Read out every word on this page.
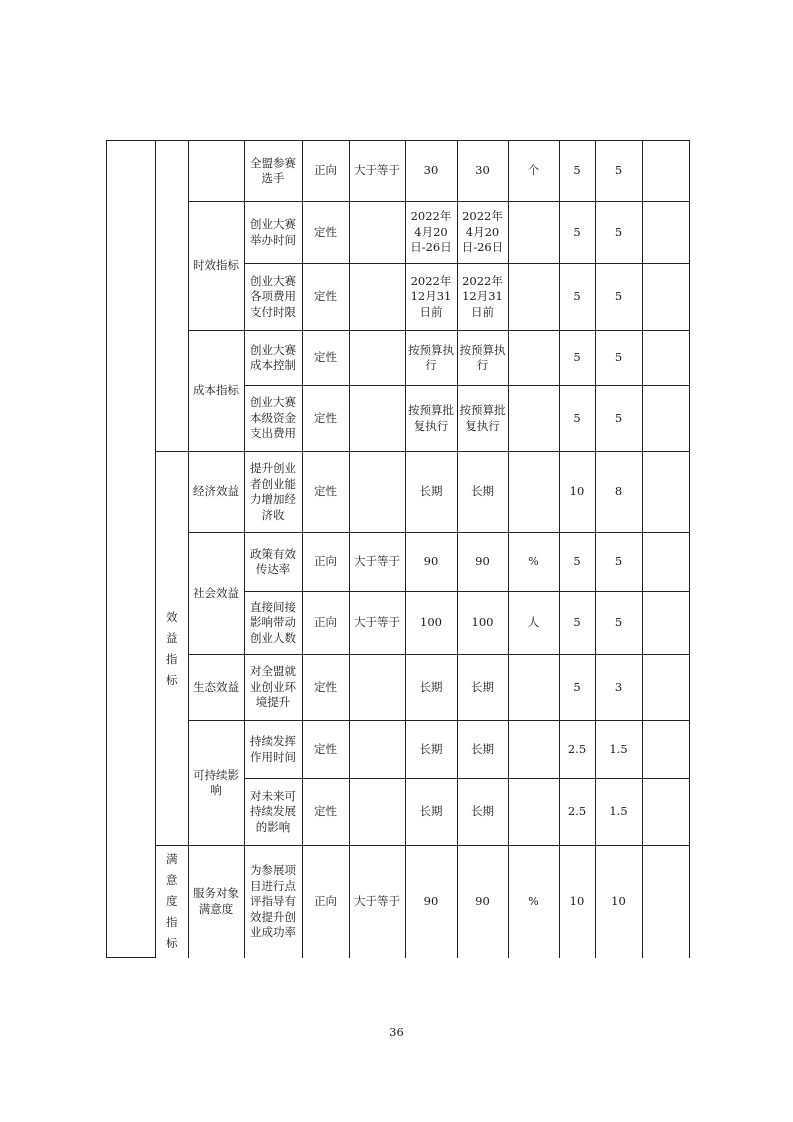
			全盟参赛选手	正向	大于等于	30	30	个	5	5	
		时效指标	创业大赛举办时间	定性		2022年4月20日-26日	2022年4月20日-26日		5	5	
			创业大赛各项费用支付时限	定性		2022年12月31日前	2022年12月31日前		5	5	
		成本指标	创业大赛成本控制	定性		按预算执行	按预算执行		5	5	
			创业大赛本级资金支出费用	定性		按预算批复执行	按预算批复执行		5	5	
	效益指标	经济效益	提升创业者创业能力增加经济收	定性		长期	长期		10	8	
		社会效益	政策有效传达率	正向	大于等于	90	90	%	5	5	
			直接间接影响带动创业人数	正向	大于等于	100	100	人	5	5	
		生态效益	对全盟就业创业环境提升	定性		长期	长期		5	3	
		可持续影响	持续发挥作用时间	定性		长期	长期		2.5	1.5	
			对未来可持续发展的影响	定性		长期	长期		2.5	1.5	
	满意度指标	服务对象满意度	为参展项目进行点评指导有效提升创业成功率	正向	大于等于	90	90	%	10	10	
36
